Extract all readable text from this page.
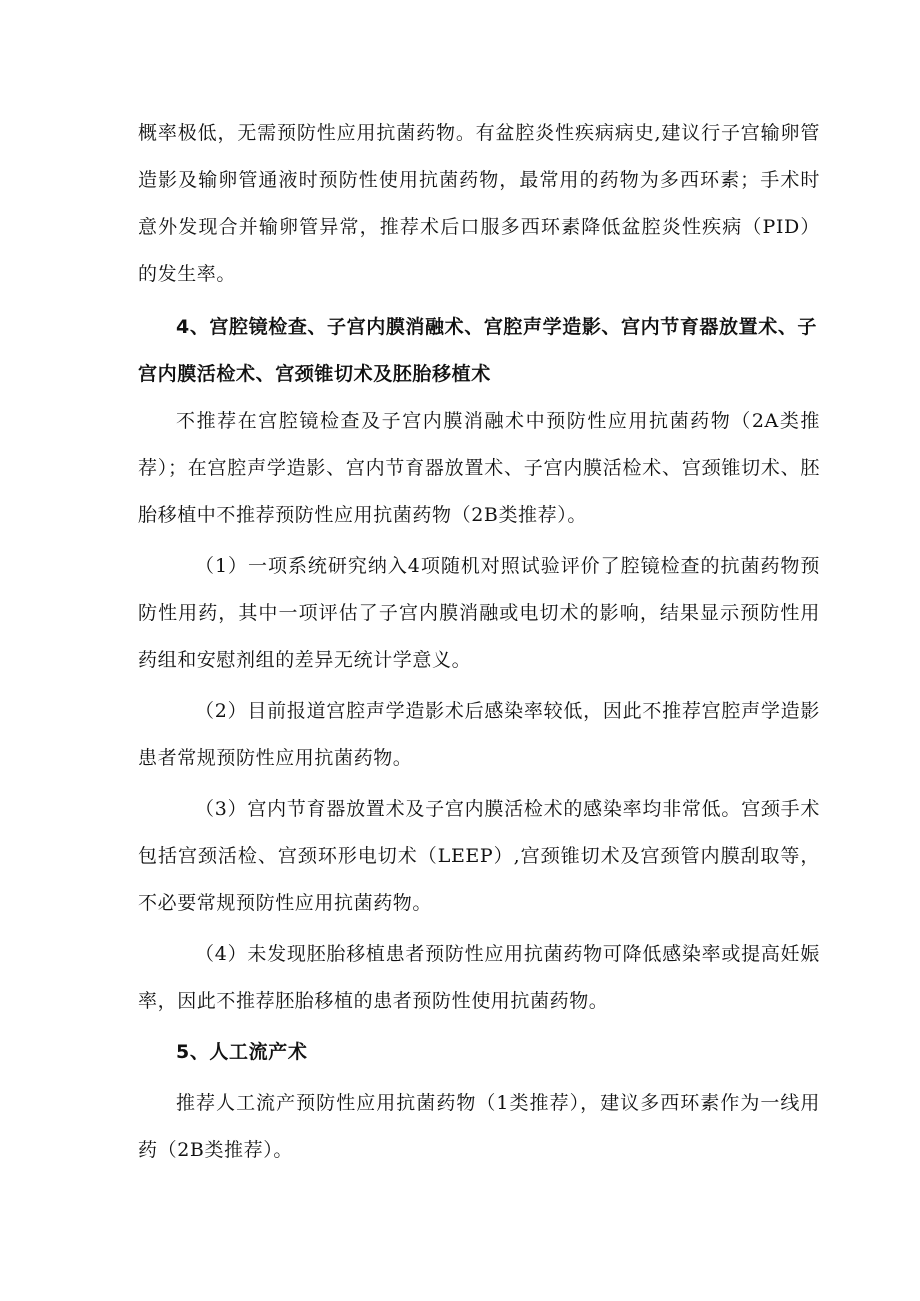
概率极低，无需预防性应用抗菌药物。有盆腔炎性疾病病史,建议行子宫输卵管造影及输卵管通液时预防性使用抗菌药物，最常用的药物为多西环素；手术时意外发现合并输卵管异常，推荐术后口服多西环素降低盆腔炎性疾病（PID）的发生率。

4、宫腔镜检查、子宫内膜消融术、宫腔声学造影、宫内节育器放置术、子宫内膜活检术、宫颈锥切术及胚胎移植术

不推荐在宫腔镜检查及子宫内膜消融术中预防性应用抗菌药物（2A类推荐）；在宫腔声学造影、宫内节育器放置术、子宫内膜活检术、宫颈锥切术、胚胎移植中不推荐预防性应用抗菌药物（2B类推荐）。

（1）一项系统研究纳入4项随机对照试验评价了腔镜检查的抗菌药物预防性用药，其中一项评估了子宫内膜消融或电切术的影响，结果显示预防性用药组和安慰剂组的差异无统计学意义。

（2）目前报道宫腔声学造影术后感染率较低，因此不推荐宫腔声学造影患者常规预防性应用抗菌药物。

（3）宫内节育器放置术及子宫内膜活检术的感染率均非常低。宫颈手术包括宫颈活检、宫颈环形电切术（LEEP）,宫颈锥切术及宫颈管内膜刮取等，不必要常规预防性应用抗菌药物。

（4）未发现胚胎移植患者预防性应用抗菌药物可降低感染率或提高妊娠率，因此不推荐胚胎移植的患者预防性使用抗菌药物。

5、人工流产术

推荐人工流产预防性应用抗菌药物（1类推荐），建议多西环素作为一线用药（2B类推荐）。
